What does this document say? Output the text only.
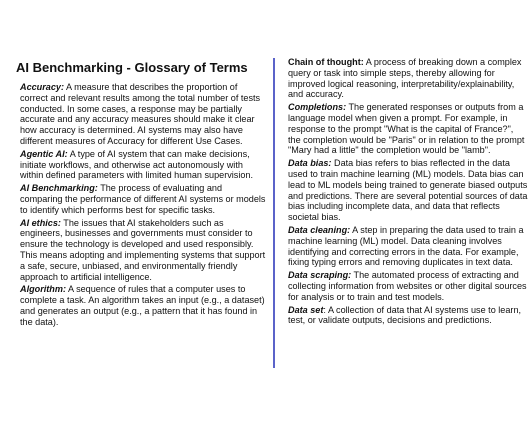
AI Benchmarking - Glossary of Terms

Accuracy: A measure that describes the proportion of correct and relevant results among the total number of tests conducted. In some cases, a response may be partially accurate and any accuracy measures should make it clear how accuracy is determined. AI systems may also have different measures of Accuracy for different Use Cases.

Agentic AI: A type of AI system that can make decisions, initiate workflows, and otherwise act autonomously with within defined parameters with limited human supervision.

AI Benchmarking: The process of evaluating and comparing the performance of different AI systems or models to identify which performs best for specific tasks.

AI ethics: The issues that AI stakeholders such as engineers, businesses and governments must consider to ensure the technology is developed and used responsibly. This means adopting and implementing systems that support a safe, secure, unbiased, and environmentally friendly approach to artificial intelligence.

Algorithm: A sequence of rules that a computer uses to complete a task. An algorithm takes an input (e.g., a dataset) and generates an output (e.g., a pattern that it has found in the data).

Chain of thought: A process of breaking down a complex query or task into simple steps, thereby allowing for improved logical reasoning, interpretability/explainability, and accuracy.

Completions: The generated responses or outputs from a language model when given a prompt. For example, in response to the prompt "What is the capital of France?", the completion would be "Paris" or in relation to the prompt "Mary had a little" the completion would be "lamb".

Data bias: Data bias refers to bias reflected in the data used to train machine learning (ML) models. Data bias can lead to ML models being trained to generate biased outputs and predictions. There are several potential sources of data bias including incomplete data, and data that reflects societal bias.

Data cleaning: A step in preparing the data used to train a machine learning (ML) model. Data cleaning involves identifying and correcting errors in the data. For example, fixing typing errors and removing duplicates in text data.

Data scraping: The automated process of extracting and collecting information from websites or other digital sources for analysis or to train and test models.

Data set: A collection of data that AI systems use to learn, test, or validate outputs, decisions and predictions.
